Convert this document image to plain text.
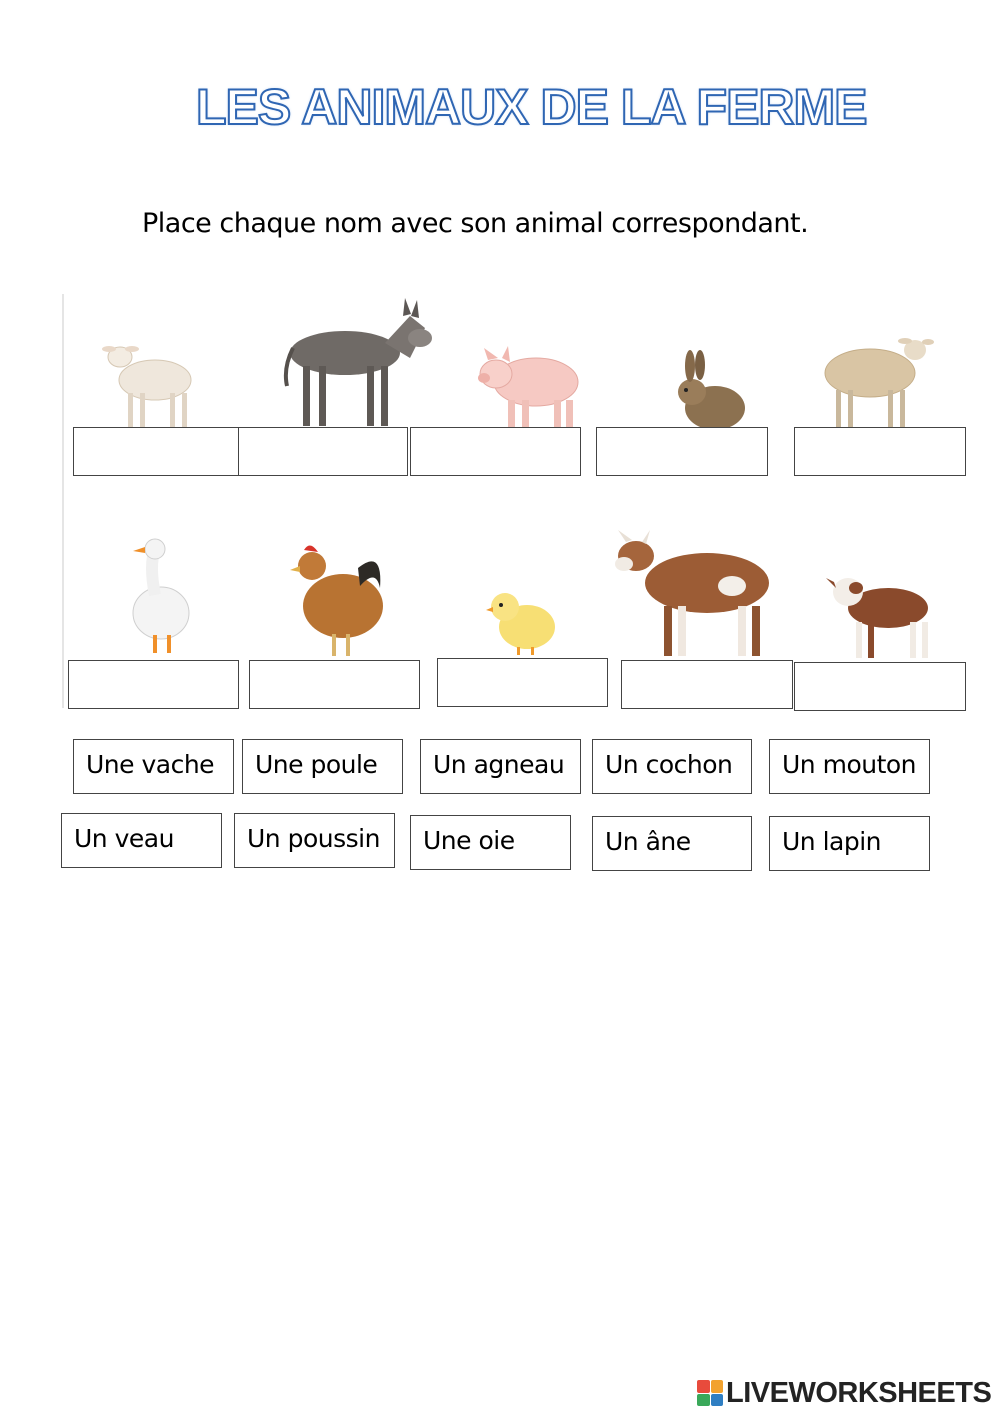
LES ANIMAUX DE LA FERME
Place chaque nom avec son animal correspondant.
Une vache	Une poule	Un agneau	Un cochon	Un mouton
Un veau	Un poussin	Une oie	Un âne	Un lapin
LIVEWORKSHEETS
